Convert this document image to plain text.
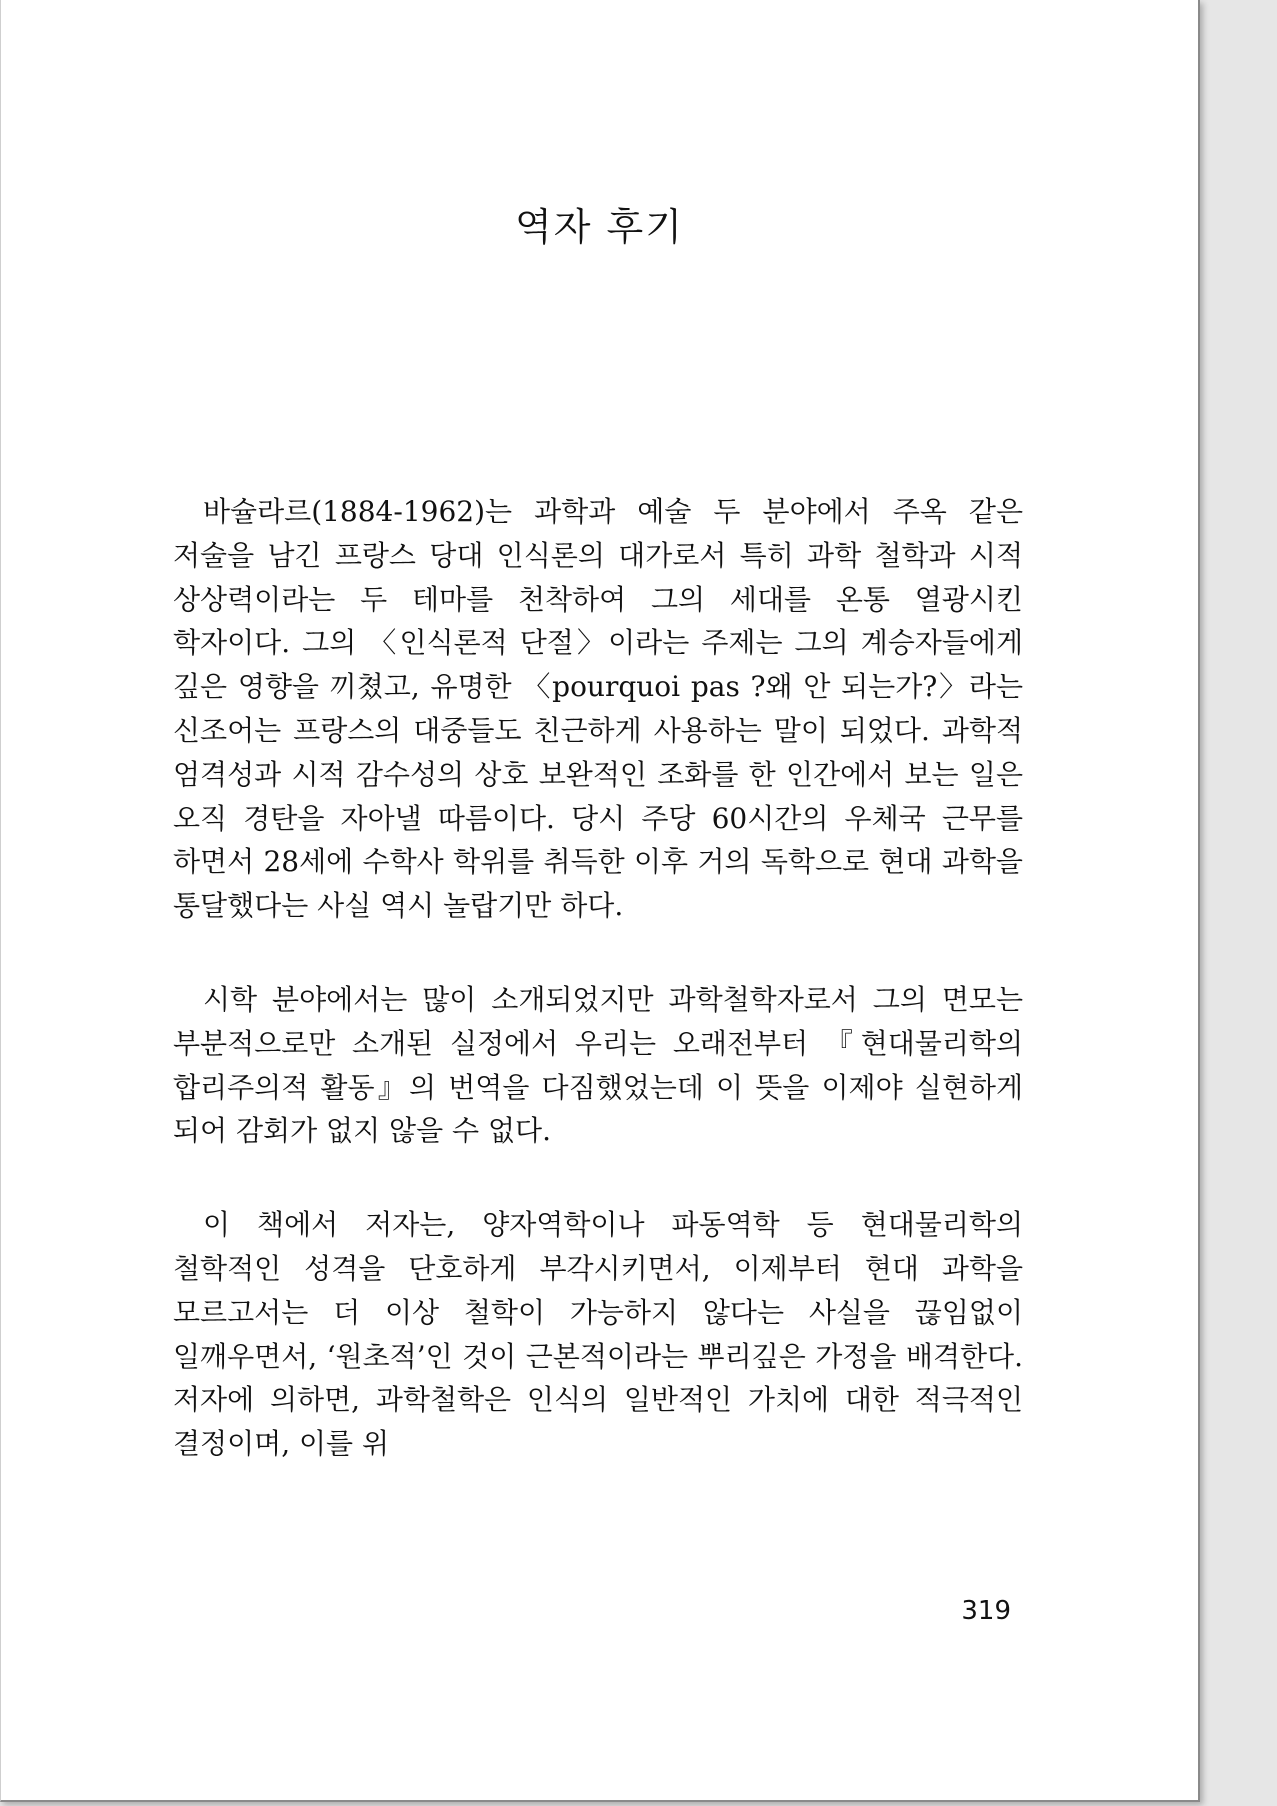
역자 후기

바슐라르(1884-1962)는 과학과 예술 두 분야에서 주옥 같은 저술을 남긴 프랑스 당대 인식론의 대가로서 특히 과학 철학과 시적 상상력이라는 두 테마를 천착하여 그의 세대를 온통 열광시킨 학자이다. 그의 〈인식론적 단절〉이라는 주제는 그의 계승자들에게 깊은 영향을 끼쳤고, 유명한 〈pourquoi pas ?왜 안 되는가?〉라는 신조어는 프랑스의 대중들도 친근하게 사용하는 말이 되었다. 과학적 엄격성과 시적 감수성의 상호 보완적인 조화를 한 인간에서 보는 일은 오직 경탄을 자아낼 따름이다. 당시 주당 60시간의 우체국 근무를 하면서 28세에 수학사 학위를 취득한 이후 거의 독학으로 현대 과학을 통달했다는 사실 역시 놀랍기만 하다.

시학 분야에서는 많이 소개되었지만 과학철학자로서 그의 면모는 부분적으로만 소개된 실정에서 우리는 오래전부터 『현대물리학의 합리주의적 활동』의 번역을 다짐했었는데 이 뜻을 이제야 실현하게 되어 감회가 없지 않을 수 없다.

이 책에서 저자는, 양자역학이나 파동역학 등 현대물리학의 철학적인 성격을 단호하게 부각시키면서, 이제부터 현대 과학을 모르고서는 더 이상 철학이 가능하지 않다는 사실을 끊임없이 일깨우면서, ‘원초적’인 것이 근본적이라는 뿌리깊은 가정을 배격한다. 저자에 의하면, 과학철학은 인식의 일반적인 가치에 대한 적극적인 결정이며, 이를 위

319
